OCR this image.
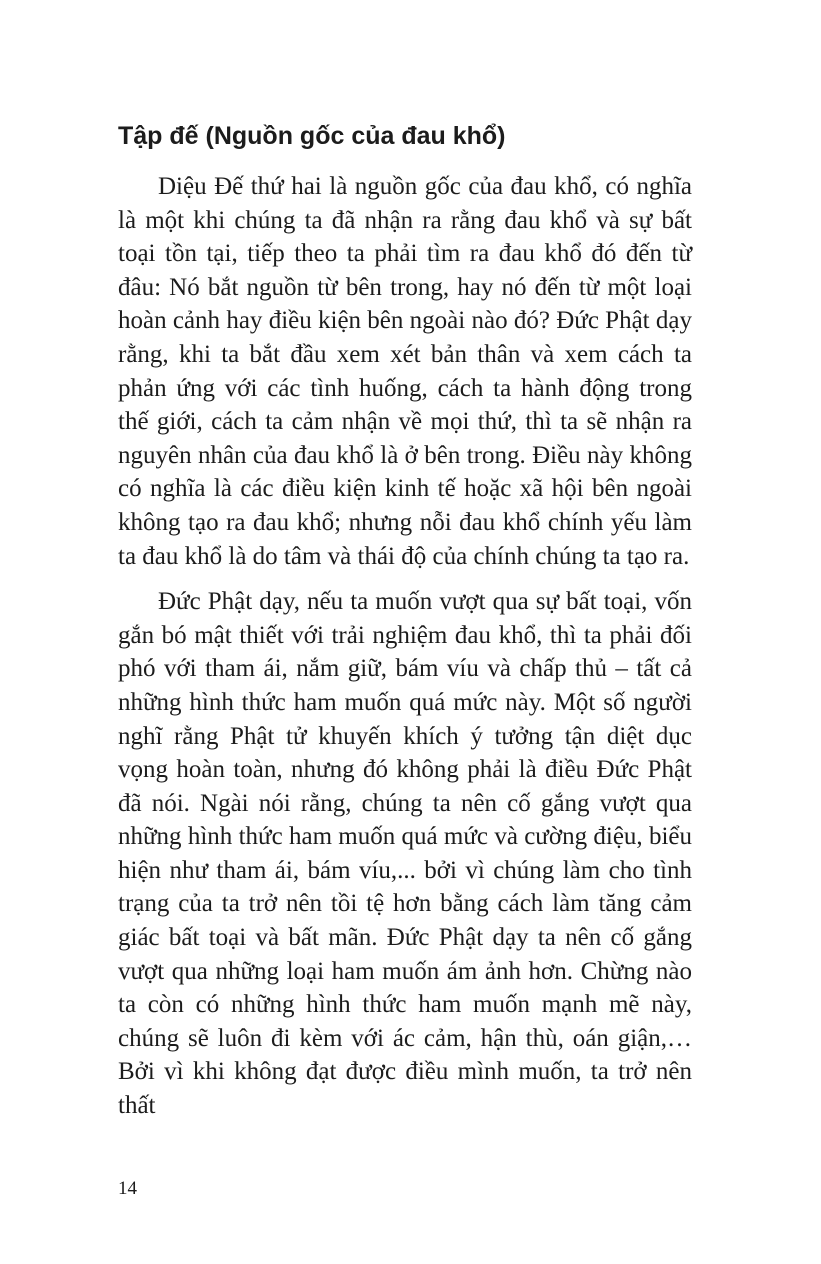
Tập đế (Nguồn gốc của đau khổ)

Diệu Đế thứ hai là nguồn gốc của đau khổ, có nghĩa là một khi chúng ta đã nhận ra rằng đau khổ và sự bất toại tồn tại, tiếp theo ta phải tìm ra đau khổ đó đến từ đâu: Nó bắt nguồn từ bên trong, hay nó đến từ một loại hoàn cảnh hay điều kiện bên ngoài nào đó? Đức Phật dạy rằng, khi ta bắt đầu xem xét bản thân và xem cách ta phản ứng với các tình huống, cách ta hành động trong thế giới, cách ta cảm nhận về mọi thứ, thì ta sẽ nhận ra nguyên nhân của đau khổ là ở bên trong. Điều này không có nghĩa là các điều kiện kinh tế hoặc xã hội bên ngoài không tạo ra đau khổ; nhưng nỗi đau khổ chính yếu làm ta đau khổ là do tâm và thái độ của chính chúng ta tạo ra.

Đức Phật dạy, nếu ta muốn vượt qua sự bất toại, vốn gắn bó mật thiết với trải nghiệm đau khổ, thì ta phải đối phó với tham ái, nắm giữ, bám víu và chấp thủ – tất cả những hình thức ham muốn quá mức này. Một số người nghĩ rằng Phật tử khuyến khích ý tưởng tận diệt dục vọng hoàn toàn, nhưng đó không phải là điều Đức Phật đã nói. Ngài nói rằng, chúng ta nên cố gắng vượt qua những hình thức ham muốn quá mức và cường điệu, biểu hiện như tham ái, bám víu,... bởi vì chúng làm cho tình trạng của ta trở nên tồi tệ hơn bằng cách làm tăng cảm giác bất toại và bất mãn. Đức Phật dạy ta nên cố gắng vượt qua những loại ham muốn ám ảnh hơn. Chừng nào ta còn có những hình thức ham muốn mạnh mẽ này, chúng sẽ luôn đi kèm với ác cảm, hận thù, oán giận,… Bởi vì khi không đạt được điều mình muốn, ta trở nên thất

14
